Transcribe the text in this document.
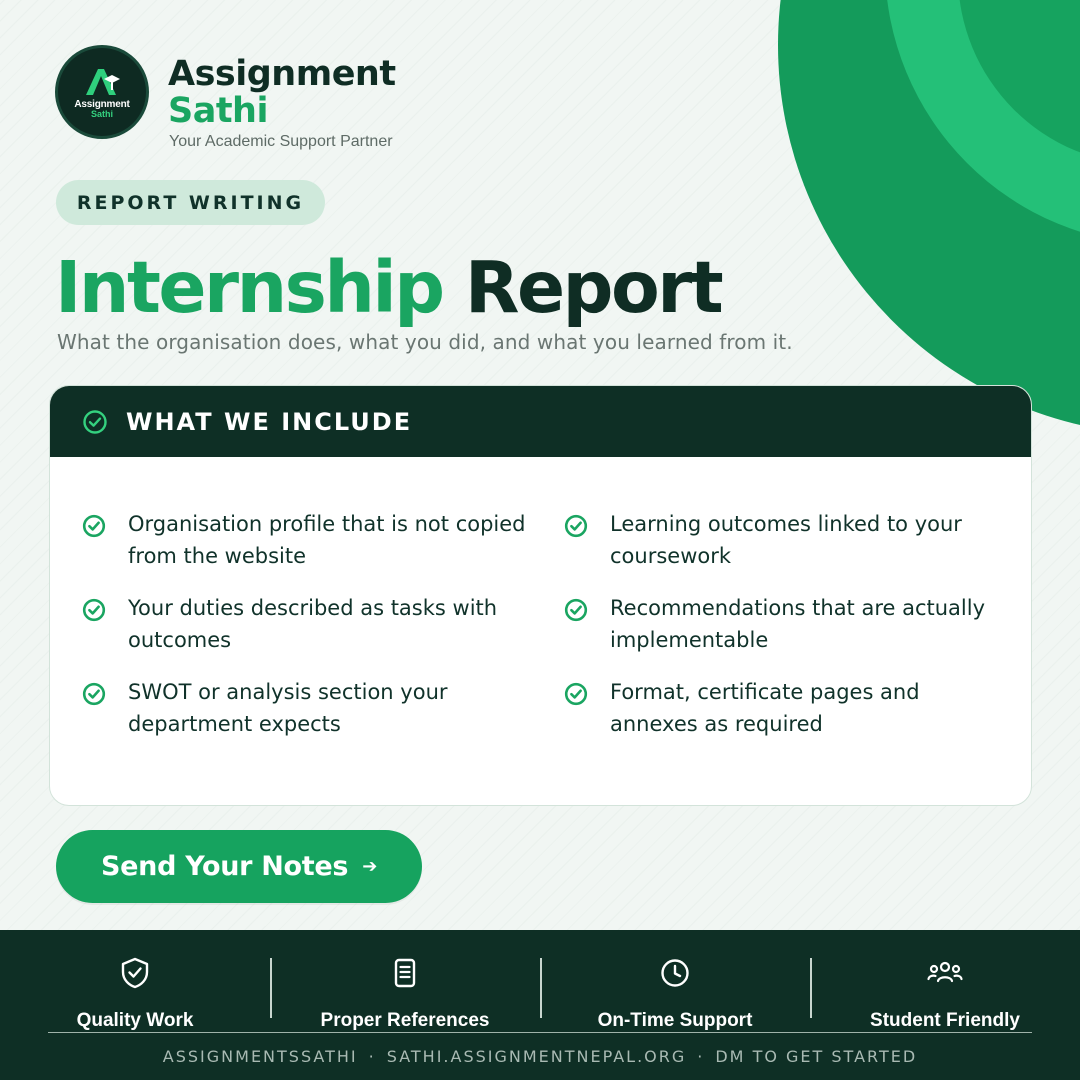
Assignment
Sathi
Assignment
Sathi
Your Academic Support Partner
REPORT WRITING
Internship Report
What the organisation does, what you did, and what you learned from it.
WHAT WE INCLUDE
Organisation profile that is not copied from the website
Learning outcomes linked to your coursework
Your duties described as tasks with outcomes
Recommendations that are actually implementable
SWOT or analysis section your department expects
Format, certificate pages and annexes as required
Send Your Notes ➔
Quality Work	Proper References	On-Time Support	Student Friendly
ASSIGNMENTSSATHI · SATHI.ASSIGNMENTNEPAL.ORG · DM TO GET STARTED
